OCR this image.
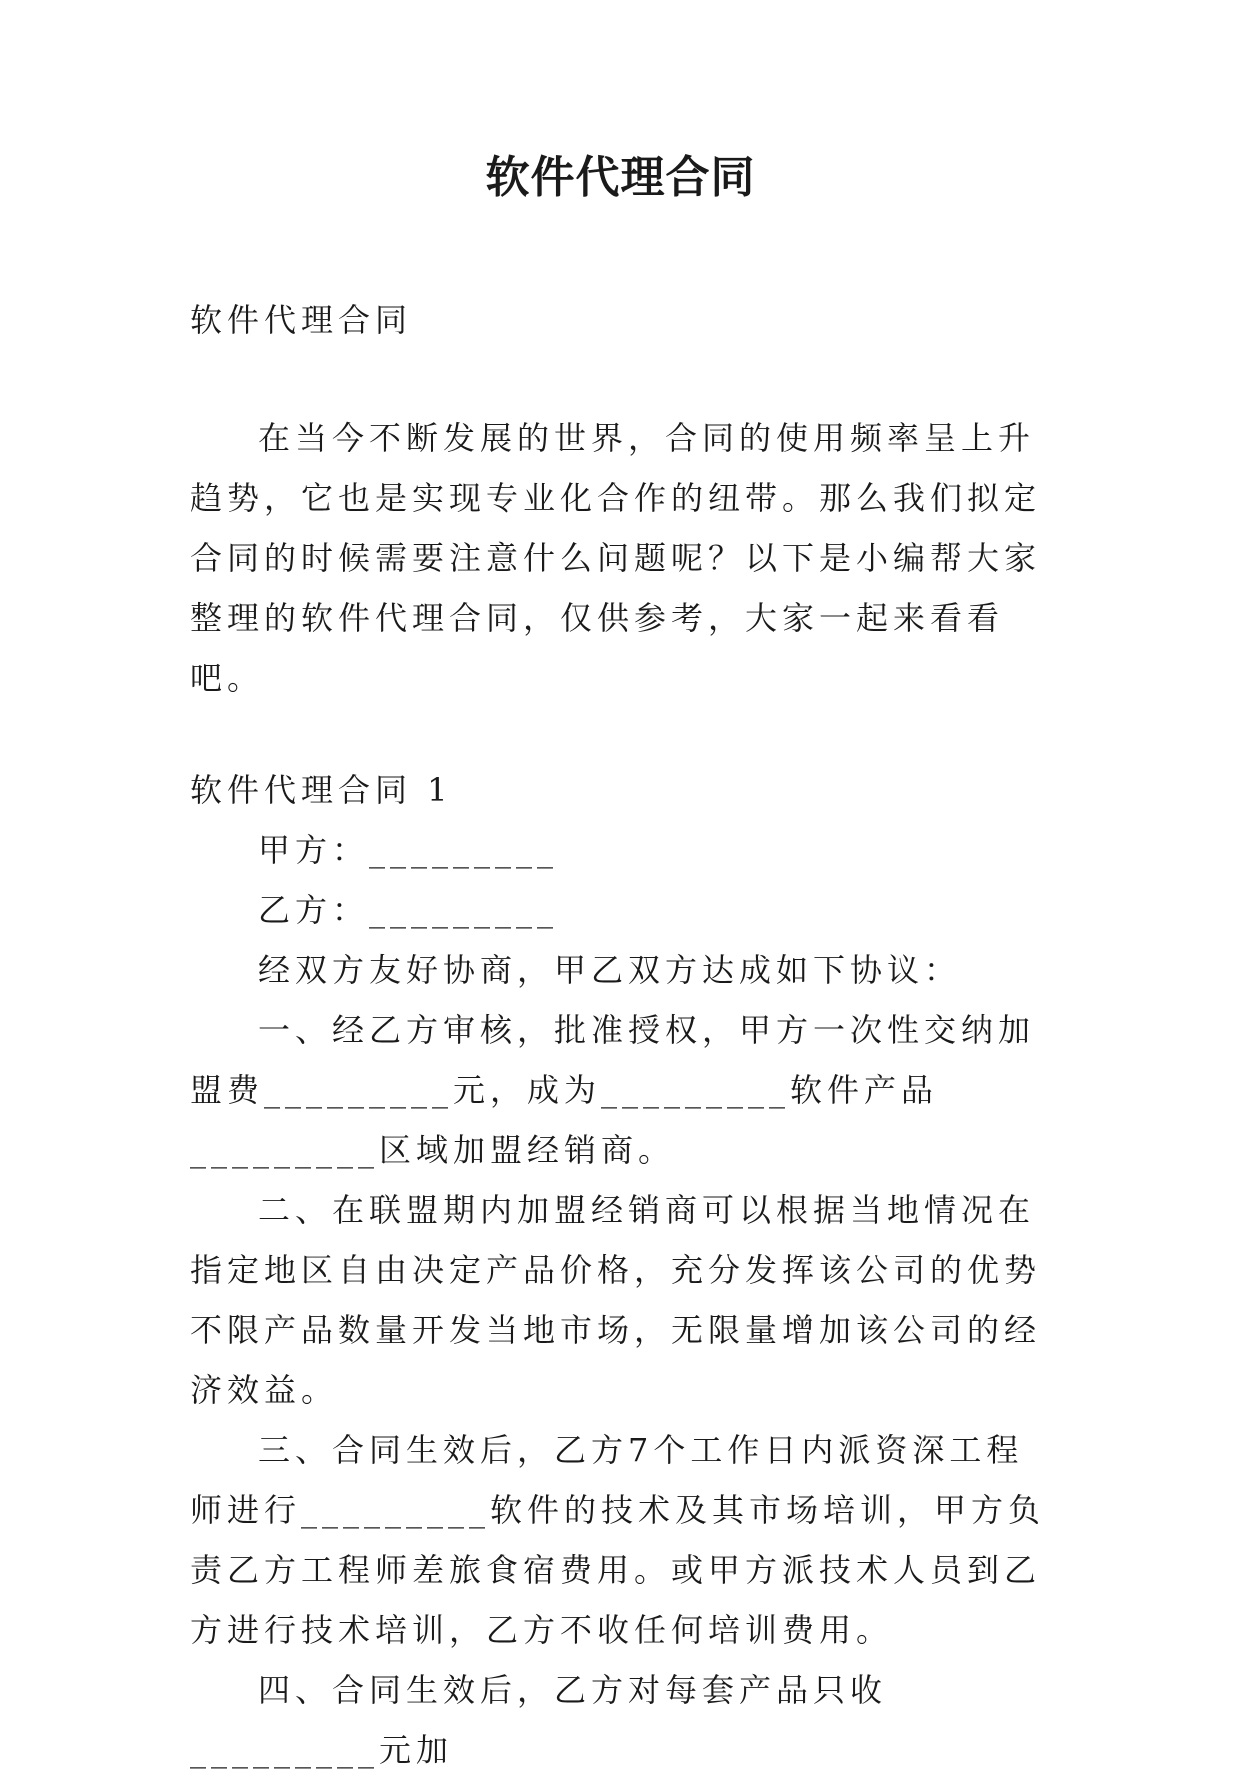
软件代理合同

软件代理合同

在当今不断发展的世界，合同的使用频率呈上升趋势，它也是实现专业化合作的纽带。那么我们拟定合同的时候需要注意什么问题呢？以下是小编帮大家整理的软件代理合同，仅供参考，大家一起来看看吧。

软件代理合同 1

甲方：_________

乙方：_________

经双方友好协商，甲乙双方达成如下协议：

一、经乙方审核，批准授权，甲方一次性交纳加盟费_________元，成为_________软件产品_________区域加盟经销商。

二、在联盟期内加盟经销商可以根据当地情况在指定地区自由决定产品价格，充分发挥该公司的优势不限产品数量开发当地市场，无限量增加该公司的经济效益。

三、合同生效后，乙方7个工作日内派资深工程师进行_________软件的技术及其市场培训，甲方负责乙方工程师差旅食宿费用。或甲方派技术人员到乙方进行技术培训，乙方不收任何培训费用。

四、合同生效后，乙方对每套产品只收_________元加
